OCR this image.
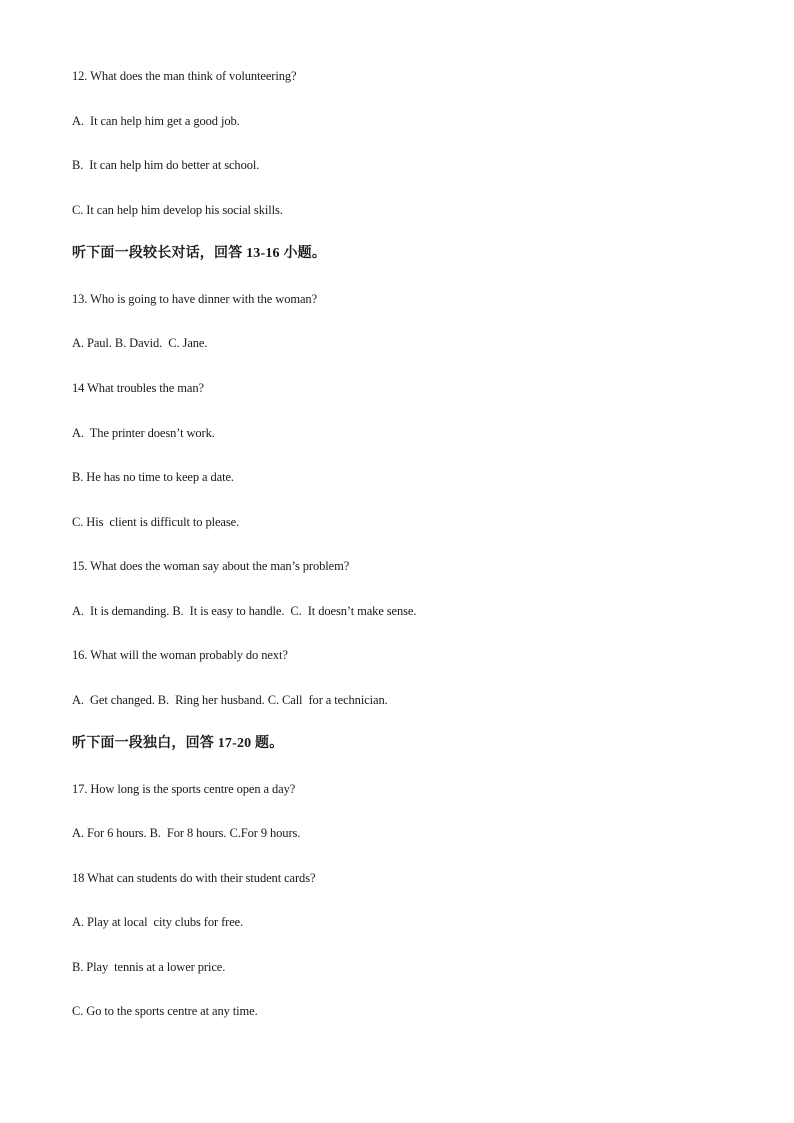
12. What does the man think of volunteering?
A.  It can help him get a good job.
B.  It can help him do better at school.
C. It can help him develop his social skills.
听下面一段较长对话，回答 13-16 小题。
13. Who is going to have dinner with the woman?
A. Paul. B. David.  C. Jane.
14 What troubles the man?
A.  The printer doesn’t work.
B. He has no time to keep a date.
C. His  client is difficult to please.
15. What does the woman say about the man’s problem?
A.  It is demanding. B.  It is easy to handle.  C.  It doesn’t make sense.
16. What will the woman probably do next?
A.  Get changed. B.  Ring her husband. C. Call  for a technician.
听下面一段独白，回答 17-20 题。
17. How long is the sports centre open a day?
A. For 6 hours. B.  For 8 hours. C.For 9 hours.
18 What can students do with their student cards?
A. Play at local  city clubs for free.
B. Play  tennis at a lower price.
C. Go to the sports centre at any time.
